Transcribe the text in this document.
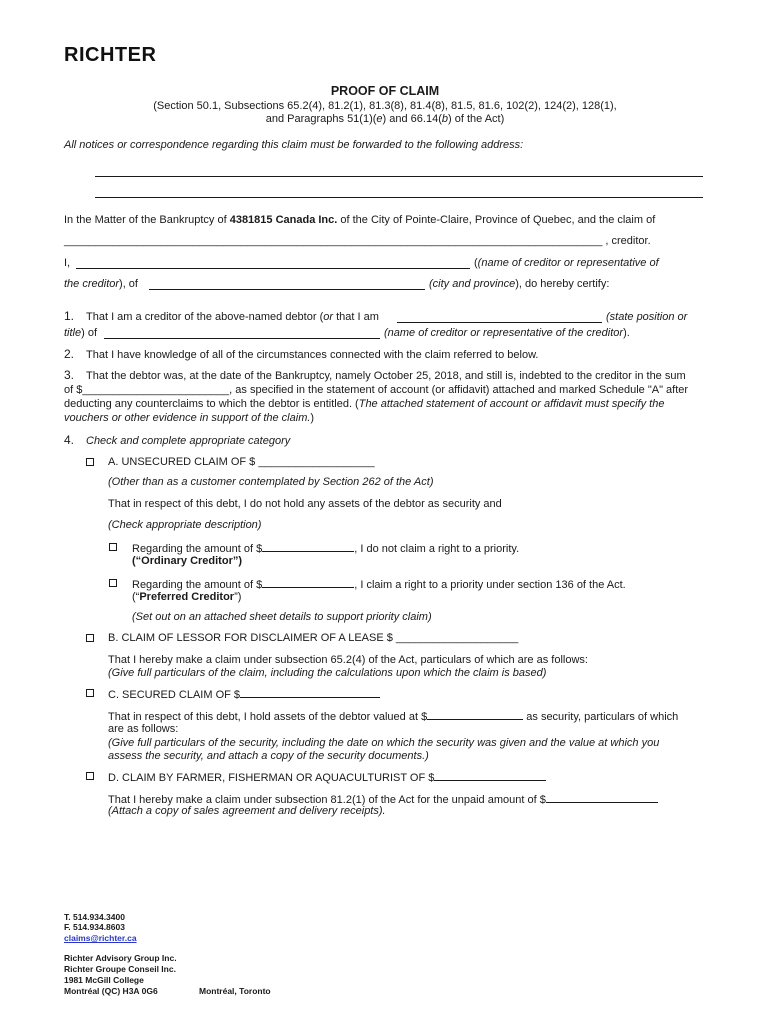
RICHTER
PROOF OF CLAIM
(Section 50.1, Subsections 65.2(4), 81.2(1), 81.3(8), 81.4(8), 81.5, 81.6, 102(2), 124(2), 128(1),
and Paragraphs 51(1)(e) and 66.14(b) of the Act)
All notices or correspondence regarding this claim must be forwarded to the following address:
In the Matter of the Bankruptcy of 4381815 Canada Inc. of the City of Pointe-Claire, Province of Quebec, and the claim of
________________________________________________________________________________________ , creditor.
I,	((name of creditor or representative of
the creditor), of	(city and province), do hereby certify:
1. That I am a creditor of the above-named debtor (or that I am	(state position or
title) of	(name of creditor or representative of the creditor).
2. That I have knowledge of all of the circumstances connected with the claim referred to below.
3. That the debtor was, at the date of the Bankruptcy, namely October 25, 2018, and still is, indebted to the creditor in the sum
of $________________________, as specified in the statement of account (or affidavit) attached and marked Schedule "A" after
deducting any counterclaims to which the debtor is entitled. (The attached statement of account or affidavit must specify the
vouchers or other evidence in support of the claim.)
4. Check and complete appropriate category
A. UNSECURED CLAIM OF $ ___________________
(Other than as a customer contemplated by Section 262 of the Act)
That in respect of this debt, I do not hold any assets of the debtor as security and
(Check appropriate description)
Regarding the amount of $	, I do not claim a right to a priority.
(“Ordinary Creditor”)
Regarding the amount of $	, I claim a right to a priority under section 136 of the Act.
(“Preferred Creditor”)
(Set out on an attached sheet details to support priority claim)
B. CLAIM OF LESSOR FOR DISCLAIMER OF A LEASE $ ____________________
That I hereby make a claim under subsection 65.2(4) of the Act, particulars of which are as follows:
(Give full particulars of the claim, including the calculations upon which the claim is based)
C. SECURED CLAIM OF $
That in respect of this debt, I hold assets of the debtor valued at $	as security, particulars of which
are as follows:
(Give full particulars of the security, including the date on which the security was given and the value at which you
assess the security, and attach a copy of the security documents.)
D. CLAIM BY FARMER, FISHERMAN OR AQUACULTURIST OF $
That I hereby make a claim under subsection 81.2(1) of the Act for the unpaid amount of $
(Attach a copy of sales agreement and delivery receipts).
T. 514.934.3400
F. 514.934.8603
claims@richter.ca
Richter Advisory Group Inc.
Richter Groupe Conseil Inc.
1981 McGill College
Montréal (QC) H3A 0G6	Montréal, Toronto
